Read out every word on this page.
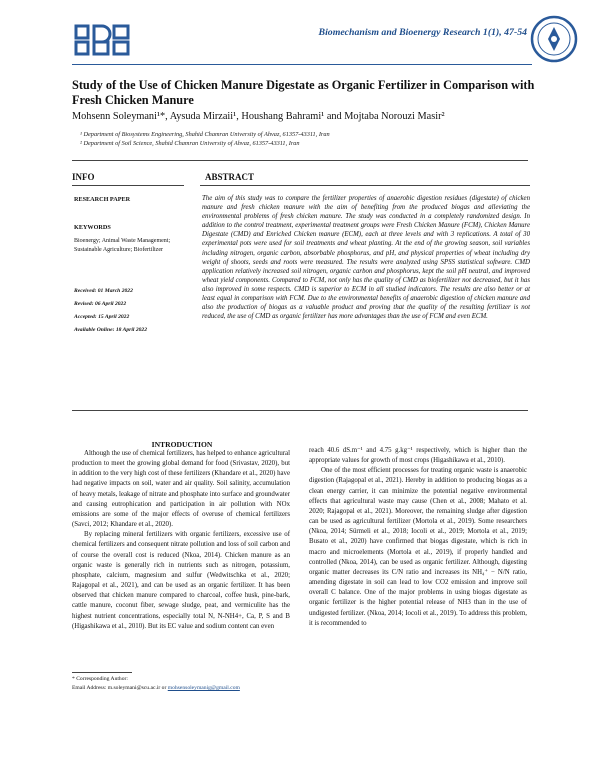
Biomechanism and Bioenergy Research 1(1), 47-54
Study of the Use of Chicken Manure Digestate as Organic Fertilizer in Comparison with Fresh Chicken Manure
Mohsenn Soleymani¹*, Aysuda Mirzaii¹, Houshang Bahrami¹ and Mojtaba Norouzi Masir²
¹ Department of Biosystems Engineering, Shahid Chamran University of Ahvaz, 61357-43311, Iran
² Department of Soil Science, Shahid Chamran University of Ahvaz, 61357-43311, Iran
INFO	ABSTRACT
RESEARCH PAPER
KEYWORDS
Bioenergy; Animal Waste Management; Sustainable Agriculture; Biofertilizer
Received: 01 March 2022
Revised: 06 April 2022
Accepted: 15 April 2022
Available Online: 18 April 2022
The aim of this study was to compare the fertilizer properties of anaerobic digestion residues (digestate) of chicken manure and fresh chicken manure with the aim of benefiting from the produced biogas and alleviating the environmental problems of fresh chicken manure. The study was conducted in a completely randomized design. In addition to the control treatment, experimental treatment groups were Fresh Chicken Manure (FCM), Chicken Manure Digestate (CMD) and Enriched Chicken manure (ECM), each at three levels and with 3 replications. A total of 30 experimental pots were used for soil treatments and wheat planting. At the end of the growing season, soil variables including nitrogen, organic carbon, absorbable phosphorus, and pH, and physical properties of wheat including dry weight of shoots, seeds and roots were measured. The results were analyzed using SPSS statistical software. CMD application relatively increased soil nitrogen, organic carbon and phosphorus, kept the soil pH neutral, and improved wheat yield components. Compared to FCM, not only has the quality of CMD as biofertilizer not decreased, but it has also improved in some respects. CMD is superior to ECM in all studied indicators. The results are also better or at least equal in comparison with FCM. Due to the environmental benefits of anaerobic digestion of chicken manure and also the production of biogas as a valuable product and proving that the quality of the resulting fertilizer is not reduced, the use of CMD as organic fertilizer has more advantages than the use of FCM and even ECM.
INTRODUCTION

Although the use of chemical fertilizers, has helped to enhance agricultural production to meet the growing global demand for food (Srivastav, 2020), but in addition to the very high cost of these fertilizers (Khandare et al., 2020) have had negative impacts on soil, water and air quality. Soil salinity, accumulation of heavy metals, leakage of nitrate and phosphate into surface and groundwater and causing eutrophication and participation in air pollution with NOx emissions are some of the major effects of overuse of chemical fertilizers (Savci, 2012; Khandare et al., 2020).

By replacing mineral fertilizers with organic fertilizers, excessive use of chemical fertilizers and consequent nitrate pollution and loss of soil carbon and of course the overall cost is reduced (Nkoa, 2014). Chicken manure as an organic waste is generally rich in nutrients such as nitrogen, potassium, phosphate, calcium, magnesium and sulfur (Wedwitschka et al., 2020; Rajagopal et al., 2021), and can be used as an organic fertilizer. It has been observed that chicken manure compared to charcoal, coffee husk, pine-bark, cattle manure, coconut fiber, sewage sludge, peat, and vermiculite has the highest nutrient concentrations, especially total N, N-NH4+, Ca, P, S and B (Higashikawa et al., 2010). But its EC value and sodium content can even

reach 40.6 dS.m⁻¹ and 4.75 g.kg⁻¹ respectively, which is higher than the appropriate values for growth of most crops (Higashikawa et al., 2010).

One of the most efficient processes for treating organic waste is anaerobic digestion (Rajagopal et al., 2021). Hereby in addition to producing biogas as a clean energy carrier, it can minimize the potential negative environmental effects that agricultural waste may cause (Chen et al., 2008; Mahato et al. 2020; Rajagopal et al., 2021). Moreover, the remaining sludge after digestion can be used as agricultural fertilizer (Mortola et al., 2019). Some researchers (Nkoa, 2014; Sürmeli et al., 2018; Iocoli et al., 2019; Mortola et al., 2019; Busato et al., 2020) have confirmed that biogas digestate, which is rich in macro and microelements (Mortola et al., 2019), if properly handled and controlled (Nkoa, 2014), can be used as organic fertilizer. Although, digesting organic matter decreases its C/N ratio and increases its NH₄⁺ − N/N ratio, amending digestate in soil can lead to low CO2 emission and improve soil overall C balance. One of the major problems in using biogas digestate as organic fertilizer is the higher potential release of NH3 than in the use of undigested fertilizer. (Nkoa, 2014; Iocoli et al., 2019). To address this problem, it is recommended to

* Corresponding Author:
Email Address: m.soleymani@scu.ac.ir or mohsensoleymanig@gmail.com
